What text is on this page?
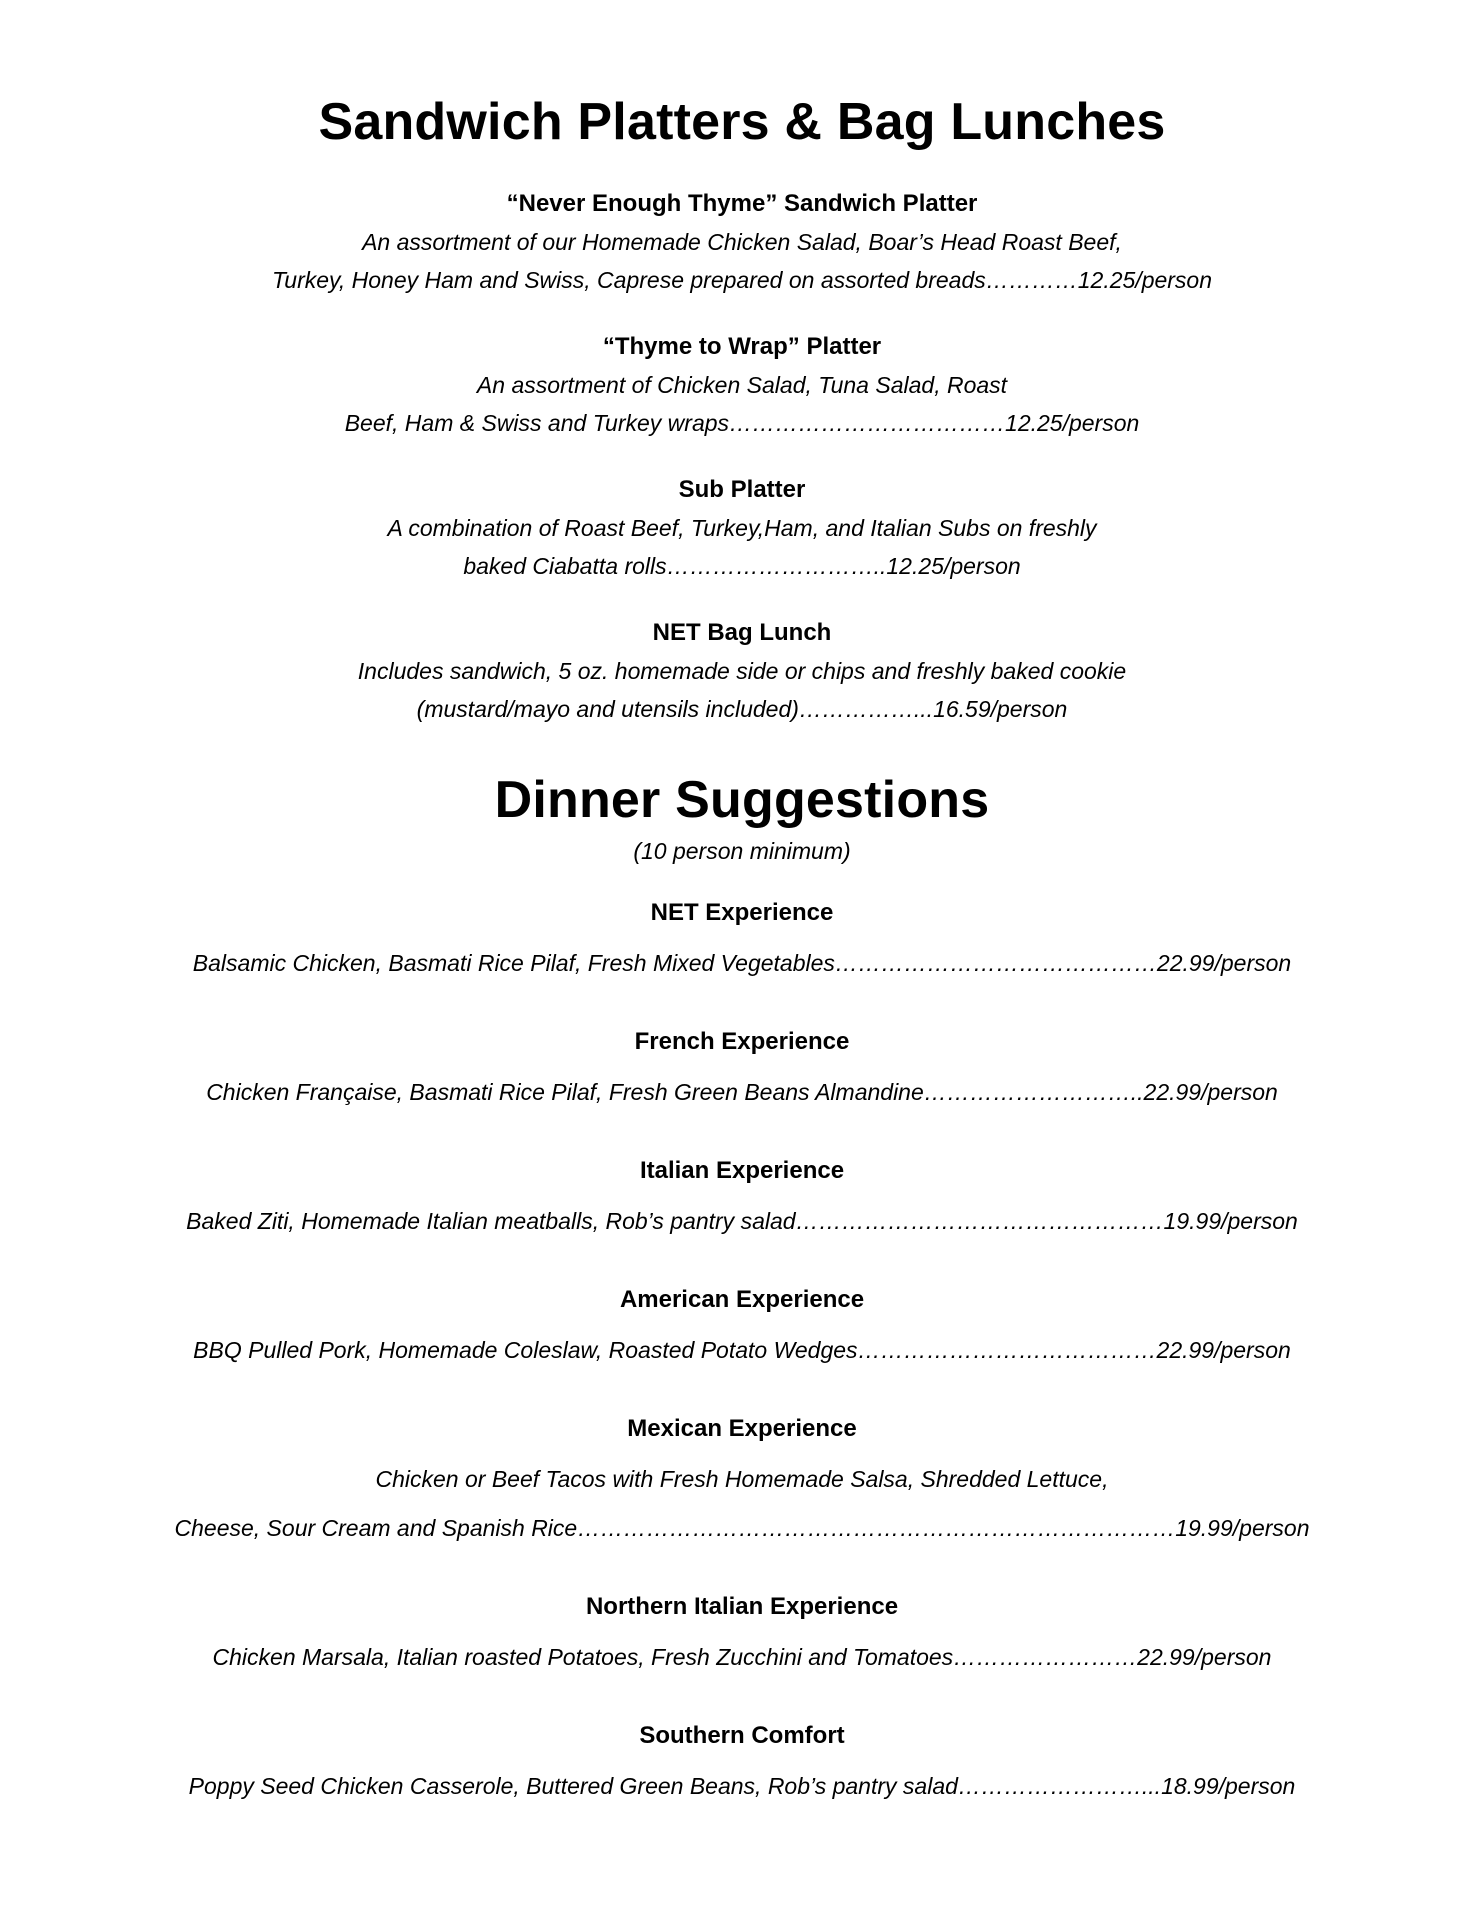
Sandwich Platters & Bag Lunches
“Never Enough Thyme” Sandwich Platter
An assortment of our Homemade Chicken Salad, Boar’s Head Roast Beef,
Turkey, Honey Ham and Swiss, Caprese prepared on assorted breads…………12.25/person
“Thyme to Wrap” Platter
An assortment of Chicken Salad, Tuna Salad, Roast
Beef, Ham & Swiss and Turkey wraps………………………………12.25/person
Sub Platter
A combination of Roast Beef, Turkey,Ham, and Italian Subs on freshly
baked Ciabatta rolls………………………..12.25/person
NET Bag Lunch
Includes sandwich, 5 oz. homemade side or chips and freshly baked cookie
(mustard/mayo and utensils included)……………...16.59/person
Dinner Suggestions
(10 person minimum)
NET Experience
Balsamic Chicken, Basmati Rice Pilaf, Fresh Mixed Vegetables……………………………………22.99/person
French Experience
Chicken Française, Basmati Rice Pilaf, Fresh Green Beans Almandine………………………..22.99/person
Italian Experience
Baked Ziti, Homemade Italian meatballs, Rob’s pantry salad…………………………………………19.99/person
American Experience
BBQ Pulled Pork, Homemade Coleslaw, Roasted Potato Wedges…………………………………22.99/person
Mexican Experience
Chicken or Beef Tacos with Fresh Homemade Salsa, Shredded Lettuce,
Cheese, Sour Cream and Spanish Rice……………………………………………………………………19.99/person
Northern Italian Experience
Chicken Marsala, Italian roasted Potatoes, Fresh Zucchini and Tomatoes……………………22.99/person
Southern Comfort
Poppy Seed Chicken Casserole, Buttered Green Beans, Rob’s pantry salad……………………...18.99/person
